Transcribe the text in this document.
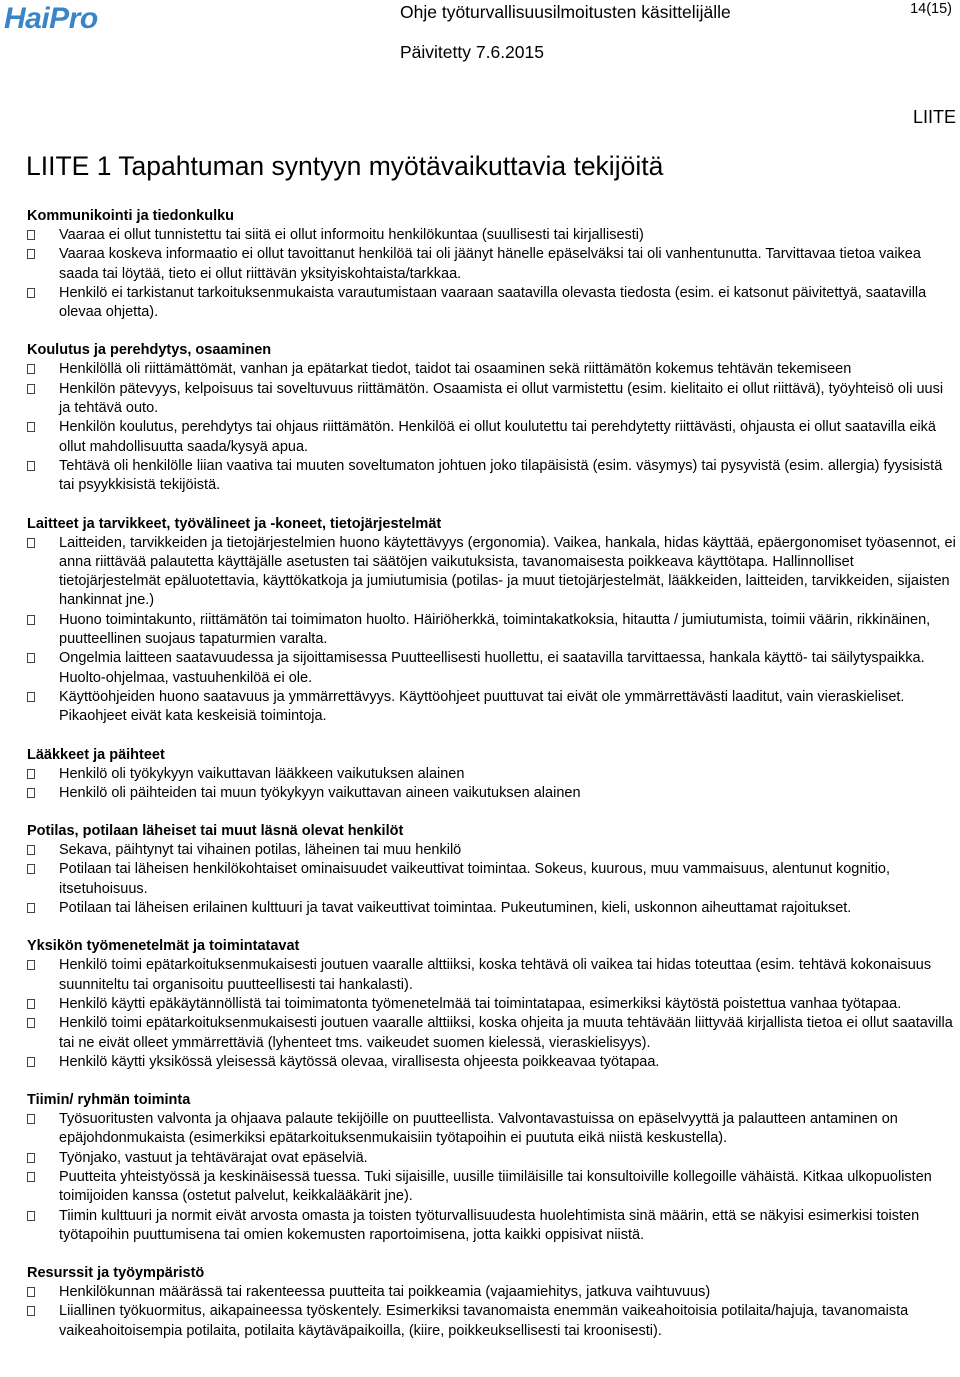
HaiPro	Ohje työturvallisuusilmoitusten käsittelijälle	14(15)
Päivitetty 7.6.2015
LIITE
LIITE 1 Tapahtuman syntyyn myötävaikuttavia tekijöitä
Kommunikointi ja tiedonkulku
Vaaraa ei ollut tunnistettu tai siitä ei ollut informoitu henkilökuntaa (suullisesti tai kirjallisesti)
Vaaraa koskeva informaatio ei ollut tavoittanut henkilöä tai oli jäänyt hänelle epäselväksi tai oli vanhentunutta. Tarvittavaa tietoa vaikea saada tai löytää, tieto ei ollut riittävän yksityiskohtaista/tarkkaa.
Henkilö ei tarkistanut tarkoituksenmukaista varautumistaan vaaraan saatavilla olevasta tiedosta (esim. ei katsonut päivitettyä, saatavilla olevaa ohjetta).
Koulutus ja perehdytys, osaaminen
Henkilöllä oli riittämättömät, vanhan ja epätarkat tiedot, taidot tai osaaminen sekä riittämätön kokemus tehtävän tekemiseen
Henkilön pätevyys, kelpoisuus tai soveltuvuus riittämätön. Osaamista ei ollut varmistettu (esim. kielitaito ei ollut riittävä), työyhteisö oli uusi ja tehtävä outo.
Henkilön koulutus, perehdytys tai ohjaus riittämätön. Henkilöä ei ollut koulutettu tai perehdytetty riittävästi, ohjausta ei ollut saatavilla eikä ollut mahdollisuutta saada/kysyä apua.
Tehtävä oli henkilölle liian vaativa tai muuten soveltumaton johtuen joko tilapäisistä (esim. väsymys) tai pysyvistä (esim. allergia) fyysisistä tai psyykkisistä tekijöistä.
Laitteet ja tarvikkeet, työvälineet ja -koneet, tietojärjestelmät
Laitteiden, tarvikkeiden ja tietojärjestelmien huono käytettävyys (ergonomia). Vaikea, hankala, hidas käyttää, epäergonomiset työasennot, ei anna riittävää palautetta käyttäjälle asetusten tai säätöjen vaikutuksista, tavanomaisesta poikkeava käyttötapa. Hallinnolliset tietojärjestelmät epäluotettavia, käyttökatkoja ja jumiutumisia (potilas- ja muut tietojärjestelmät, lääkkeiden, laitteiden, tarvikkeiden, sijaisten hankinnat jne.)
Huono toimintakunto, riittämätön tai toimimaton huolto. Häiriöherkkä, toimintakatkoksia, hitautta / jumiutumista, toimii väärin, rikkinäinen, puutteellinen suojaus tapaturmien varalta.
Ongelmia laitteen saatavuudessa ja sijoittamisessa Puutteellisesti huollettu, ei saatavilla tarvittaessa, hankala käyttö- tai säilytyspaikka. Huolto-ohjelmaa, vastuuhenkilöä ei ole.
Käyttöohjeiden huono saatavuus ja ymmärrettävyys. Käyttöohjeet puuttuvat tai eivät ole ymmärrettävästi laaditut, vain vieraskieliset. Pikaohjeet eivät kata keskeisiä toimintoja.
Lääkkeet ja päihteet
Henkilö oli työkykyyn vaikuttavan lääkkeen vaikutuksen alainen
Henkilö oli päihteiden tai muun työkykyyn vaikuttavan aineen vaikutuksen alainen
Potilas, potilaan läheiset tai muut läsnä olevat henkilöt
Sekava, päihtynyt tai vihainen potilas, läheinen tai muu henkilö
Potilaan tai läheisen henkilökohtaiset ominaisuudet vaikeuttivat toimintaa. Sokeus, kuurous, muu vammaisuus, alentunut kognitio, itsetuhoisuus.
Potilaan tai läheisen erilainen kulttuuri ja tavat vaikeuttivat toimintaa. Pukeutuminen, kieli, uskonnon aiheuttamat rajoitukset.
Yksikön työmenetelmät ja toimintatavat
Henkilö toimi epätarkoituksenmukaisesti joutuen vaaralle alttiiksi, koska tehtävä oli vaikea tai hidas toteuttaa (esim. tehtävä kokonaisuus suunniteltu tai organisoitu puutteellisesti tai hankalasti).
Henkilö käytti epäkäytännöllistä tai toimimatonta työmenetelmää tai toimintatapaa, esimerkiksi käytöstä poistettua vanhaa työtapaa.
Henkilö toimi epätarkoituksenmukaisesti joutuen vaaralle alttiiksi, koska ohjeita ja muuta tehtävään liittyvää kirjallista tietoa ei ollut saatavilla tai ne eivät olleet ymmärrettäviä (lyhenteet tms. vaikeudet suomen kielessä, vieraskielisyys).
Henkilö käytti yksikössä yleisessä käytössä olevaa, virallisesta ohjeesta poikkeavaa työtapaa.
Tiimin/ ryhmän toiminta
Työsuoritusten valvonta ja ohjaava palaute tekijöille on puutteellista. Valvontavastuissa on epäselvyyttä ja palautteen antaminen on epäjohdonmukaista (esimerkiksi epätarkoituksenmukaisiin työtapoihin ei puututa eikä niistä keskustella).
Työnjako, vastuut ja tehtävärajat ovat epäselviä.
Puutteita yhteistyössä ja keskinäisessä tuessa. Tuki sijaisille, uusille tiimiläisille tai konsultoiville kollegoille vähäistä. Kitkaa ulkopuolisten toimijoiden kanssa (ostetut palvelut, keikkalääkärit jne).
Tiimin kulttuuri ja normit eivät arvosta omasta ja toisten työturvallisuudesta huolehtimista sinä määrin, että se näkyisi esimerkisi toisten työtapoihin puuttumisena tai omien kokemusten raportoimisena, jotta kaikki oppisivat niistä.
Resurssit ja työympäristö
Henkilökunnan määrässä tai rakenteessa puutteita tai poikkeamia (vajaamiehitys, jatkuva vaihtuvuus)
Liiallinen työkuormitus, aikapaineessa työskentely. Esimerkiksi tavanomaista enemmän vaikeahoitoisia potilaita/hajuja, tavanomaista vaikeahoitoisempia potilaita, potilaita käytäväpaikoilla, (kiire, poikkeuksellisesti tai kroonisesti).
